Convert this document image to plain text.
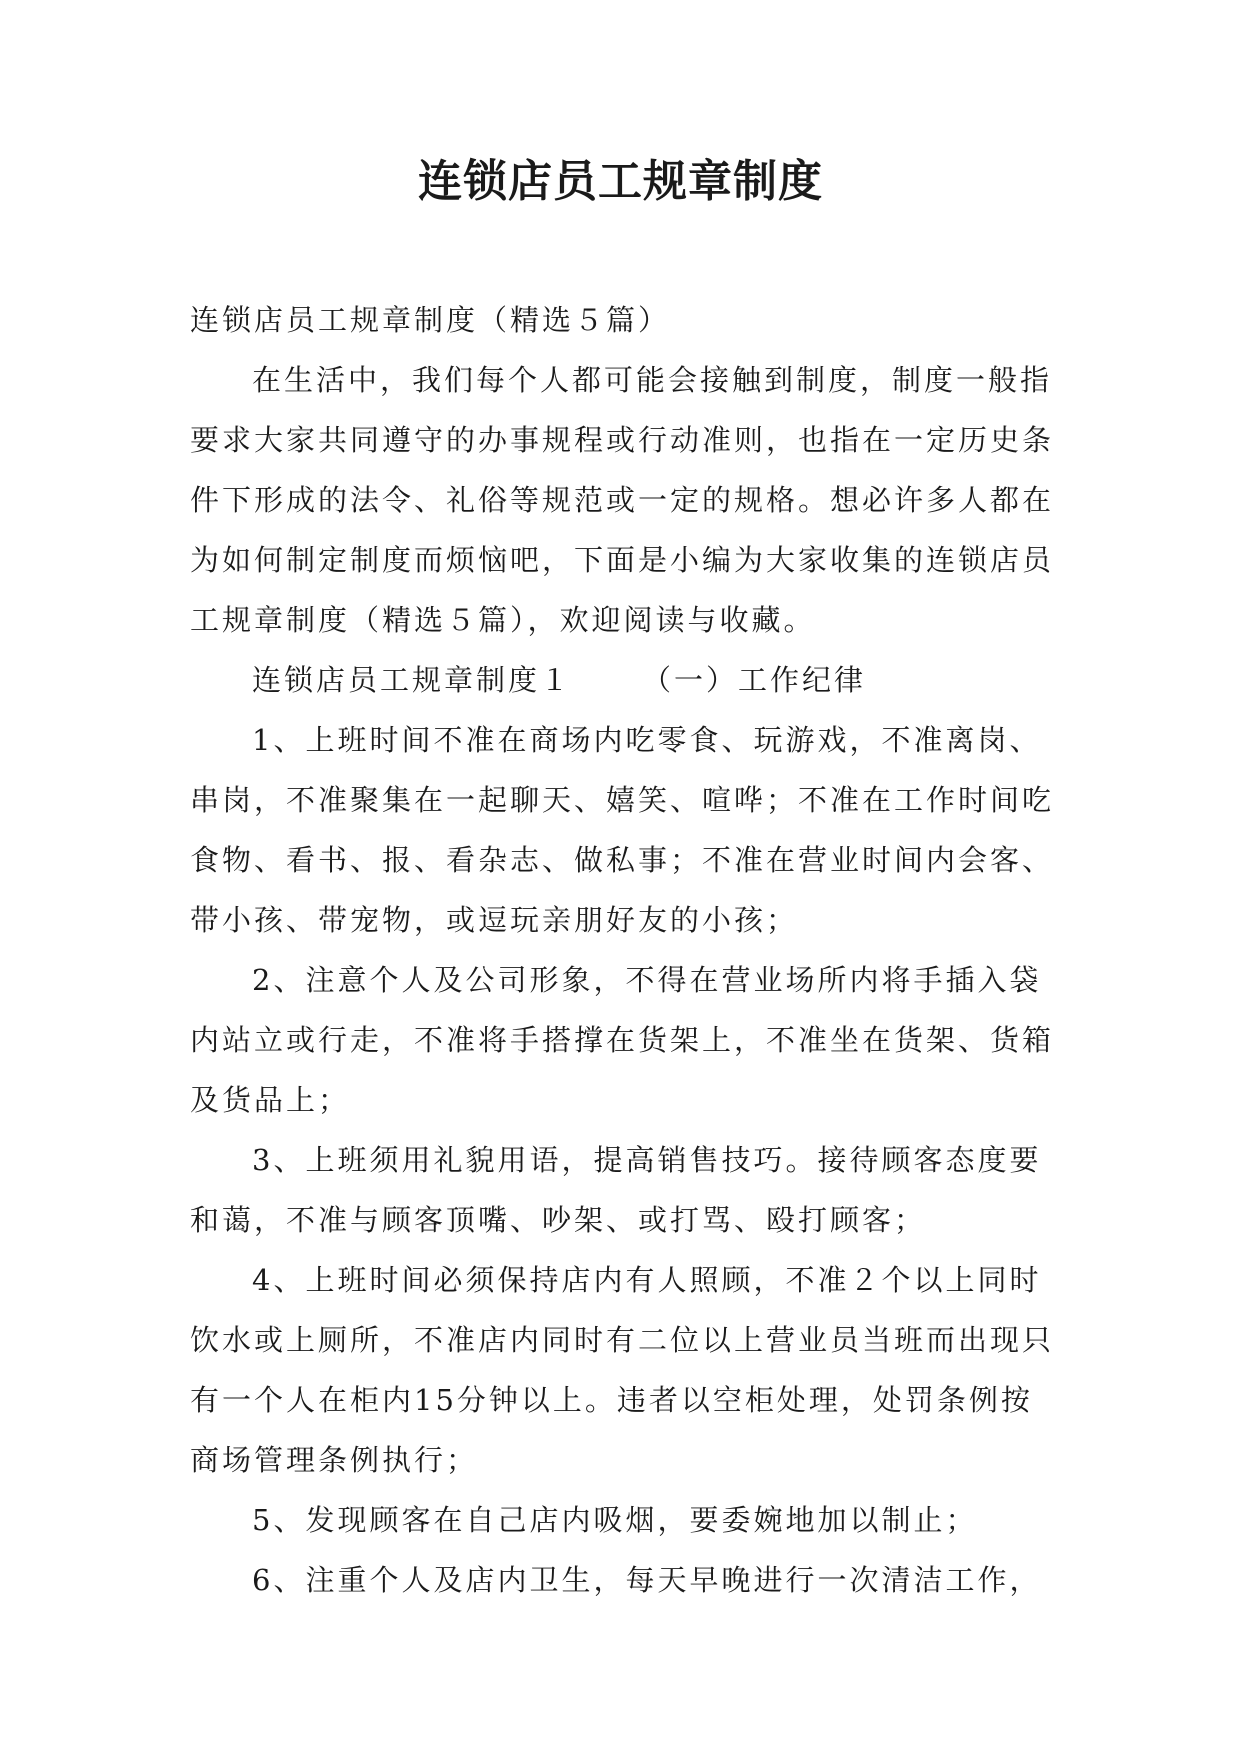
连锁店员工规章制度

连锁店员工规章制度（精选５篇）

在生活中，我们每个人都可能会接触到制度，制度一般指要求大家共同遵守的办事规程或行动准则，也指在一定历史条件下形成的法令、礼俗等规范或一定的规格。想必许多人都在为如何制定制度而烦恼吧，下面是小编为大家收集的连锁店员工规章制度（精选５篇），欢迎阅读与收藏。

连锁店员工规章制度１ （一）工作纪律

1、上班时间不准在商场内吃零食、玩游戏，不准离岗、串岗，不准聚集在一起聊天、嬉笑、喧哗；不准在工作时间吃食物、看书、报、看杂志、做私事；不准在营业时间内会客、带小孩、带宠物，或逗玩亲朋好友的小孩；

2、注意个人及公司形象，不得在营业场所内将手插入袋内站立或行走，不准将手搭撑在货架上，不准坐在货架、货箱及货品上；

3、上班须用礼貌用语，提高销售技巧。接待顾客态度要和蔼，不准与顾客顶嘴、吵架、或打骂、殴打顾客；

4、上班时间必须保持店内有人照顾，不准２个以上同时饮水或上厕所，不准店内同时有二位以上营业员当班而出现只有一个人在柜内15分钟以上。违者以空柜处理，处罚条例按商场管理条例执行；

5、发现顾客在自己店内吸烟，要委婉地加以制止；

6、注重个人及店内卫生，每天早晚进行一次清洁工作，
